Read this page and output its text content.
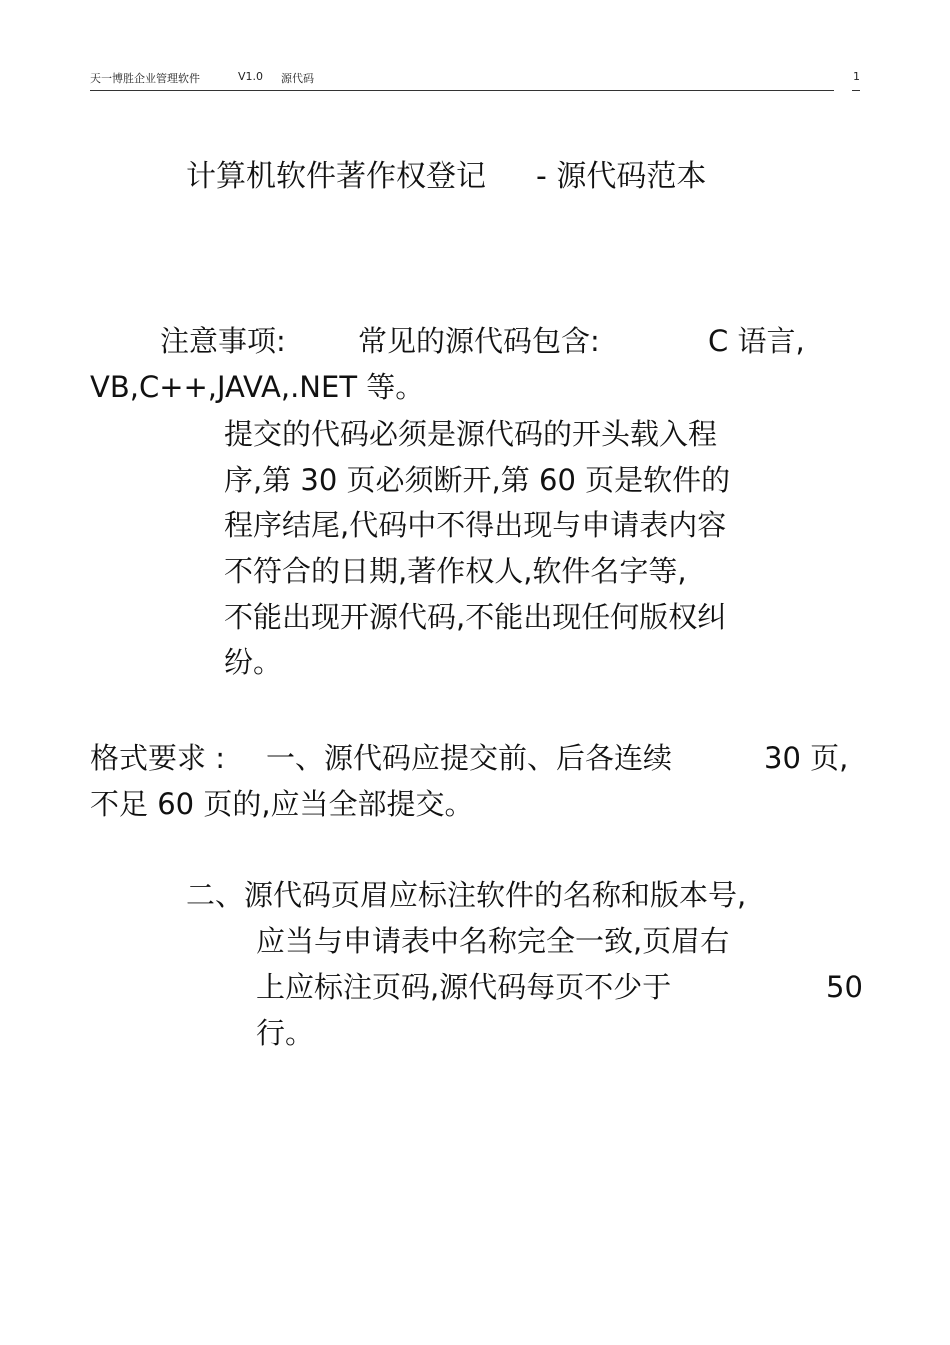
天一博胜企业管理软件	V1.0 源代码	1
计算机软件著作权登记 - 源代码范本
注意事项: 常见的源代码包含:	C 语言,
VB,C++,JAVA,.NET 等。
提交的代码必须是源代码的开头载入程
序,第 30 页必须断开,第 60 页是软件的
程序结尾,代码中不得出现与申请表内容
不符合的日期,著作权人,软件名字等,
不能出现开源代码,不能出现任何版权纠
纷。
格式要求 : 一、源代码应提交前、后各连续	30 页,
不足 60 页的,应当全部提交。
二、源代码页眉应标注软件的名称和版本号,
应当与申请表中名称完全一致,页眉右
上应标注页码,源代码每页不少于	50
行。
